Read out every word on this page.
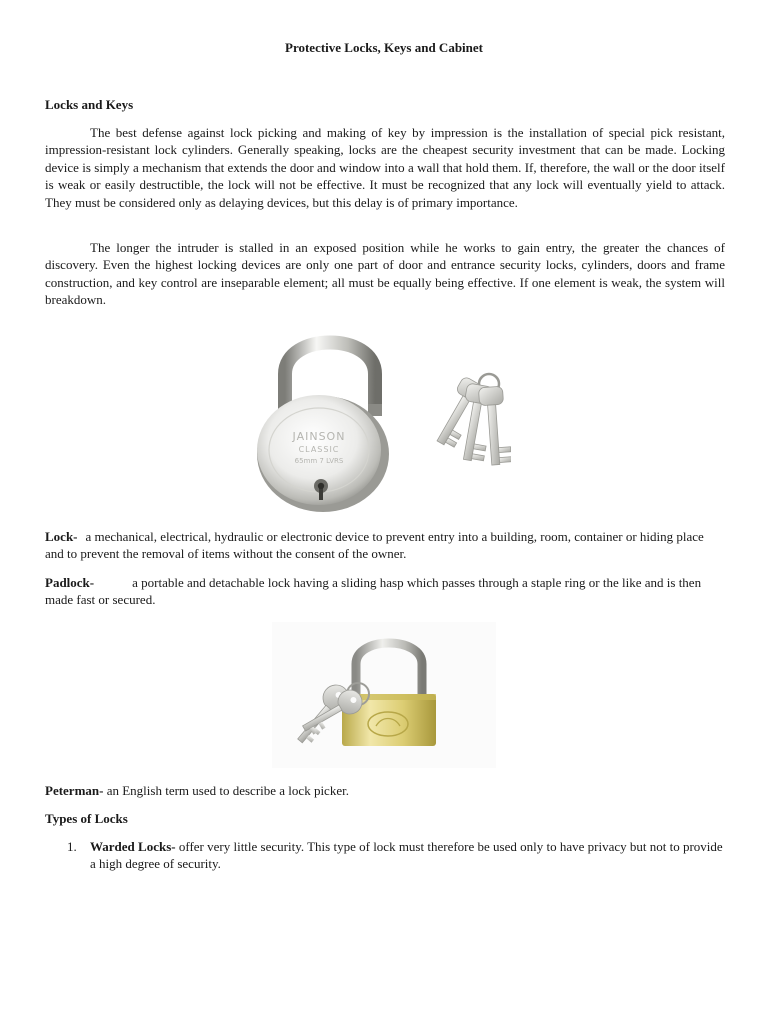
Protective Locks, Keys and Cabinet
Locks and Keys

The best defense against lock picking and making of key by impression is the installation of special pick resistant, impression-resistant lock cylinders. Generally speaking, locks are the cheapest security investment that can be made. Locking device is simply a mechanism that extends the door and window into a wall that hold them. If, therefore, the wall or the door itself is weak or easily destructible, the lock will not be effective. It must be recognized that any lock will eventually yield to attack. They must be considered only as delaying devices, but this delay is of primary importance.

The longer the intruder is stalled in an exposed position while he works to gain entry, the greater the chances of discovery. Even the highest locking devices are only one part of door and entrance security locks, cylinders, doors and frame construction, and key control are inseparable element; all must be equally being effective. If one element is weak, the system will breakdown.

JAINSON
CLASSIC
65mm 7 LVRS

Lock- a mechanical, electrical, hydraulic or electronic device to prevent entry into a building, room, container or hiding place and to prevent the removal of items without the consent of the owner.

Padlock-	a portable and detachable lock having a sliding hasp which passes through a staple ring or the like and is then made fast or secured.

Peterman- an English term used to describe a lock picker.

Types of Locks
1. Warded Locks- offer very little security. This type of lock must therefore be used only to have privacy but not to provide a high degree of security.
